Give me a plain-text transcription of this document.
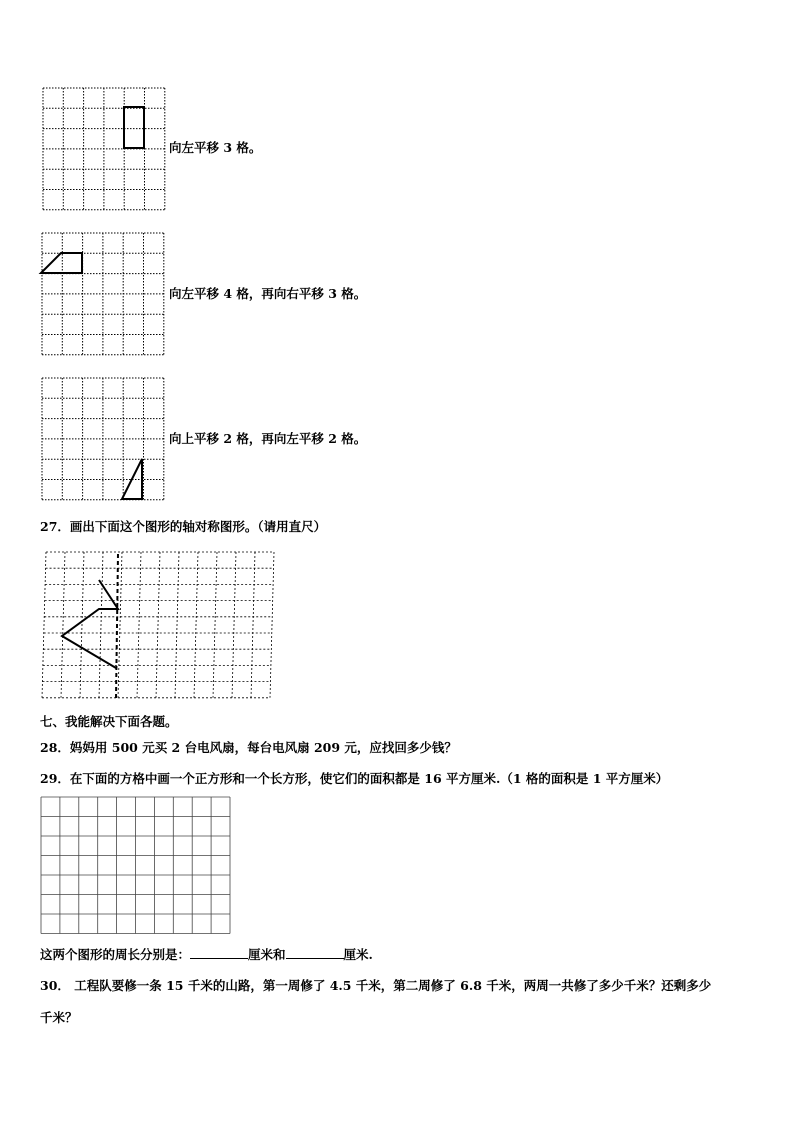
向左平移 3 格。
向左平移 4 格，再向右平移 3 格。
向上平移 2 格，再向左平移 2 格。
27．画出下面这个图形的轴对称图形。（请用直尺）
七、我能解决下面各题。
28．妈妈用 500 元买 2 台电风扇，每台电风扇 209 元，应找回多少钱？
29．在下面的方格中画一个正方形和一个长方形，使它们的面积都是 16 平方厘米.（1 格的面积是 1 平方厘米）
这两个图形的周长分别是：	厘米和	厘米.
30． 工程队要修一条 15 千米的山路，第一周修了 4.5 千米，第二周修了 6.8 千米，两周一共修了多少千米？还剩多少
千米？
